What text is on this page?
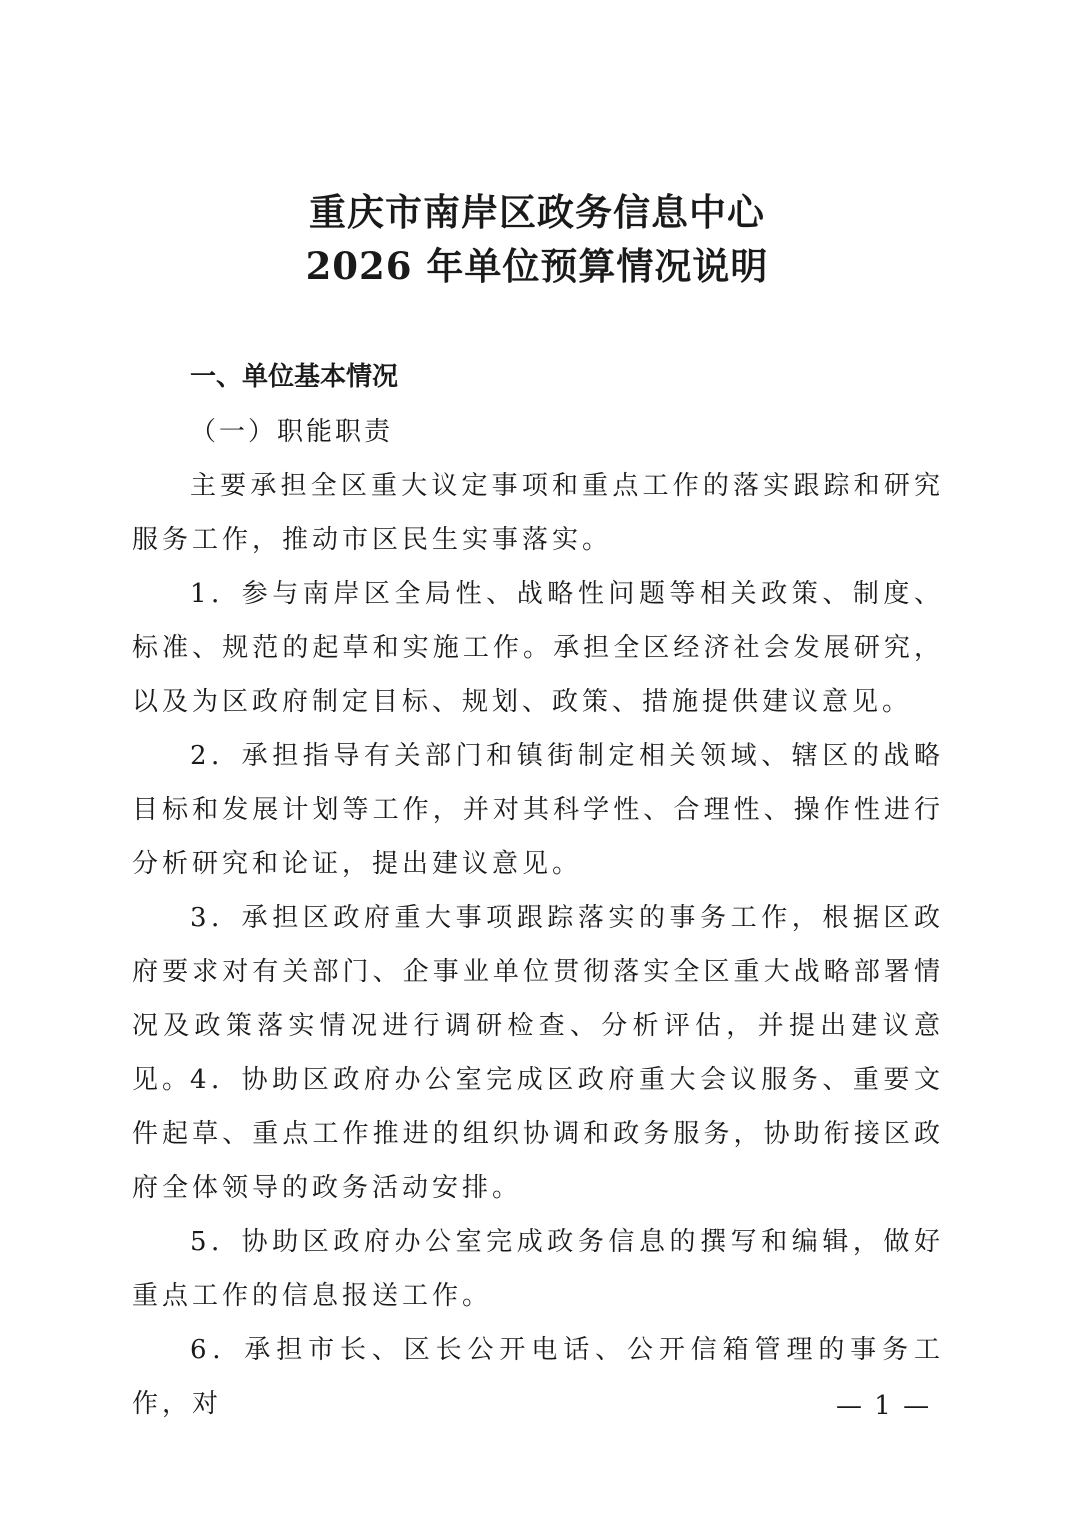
重庆市南岸区政务信息中心
2026 年单位预算情况说明
一、单位基本情况
（一）职能职责

主要承担全区重大议定事项和重点工作的落实跟踪和研究服务工作，推动市区民生实事落实。

1．参与南岸区全局性、战略性问题等相关政策、制度、标准、规范的起草和实施工作。承担全区经济社会发展研究，以及为区政府制定目标、规划、政策、措施提供建议意见。

2．承担指导有关部门和镇街制定相关领域、辖区的战略目标和发展计划等工作，并对其科学性、合理性、操作性进行分析研究和论证，提出建议意见。

3．承担区政府重大事项跟踪落实的事务工作，根据区政府要求对有关部门、企事业单位贯彻落实全区重大战略部署情况及政策落实情况进行调研检查、分析评估，并提出建议意见。

4．协助区政府办公室完成区政府重大会议服务、重要文件起草、重点工作推进的组织协调和政务服务，协助衔接区政府全体领导的政务活动安排。

5．协助区政府办公室完成政务信息的撰写和编辑，做好重点工作的信息报送工作。

6．承担市长、区长公开电话、公开信箱管理的事务工作，对	— 1 —
